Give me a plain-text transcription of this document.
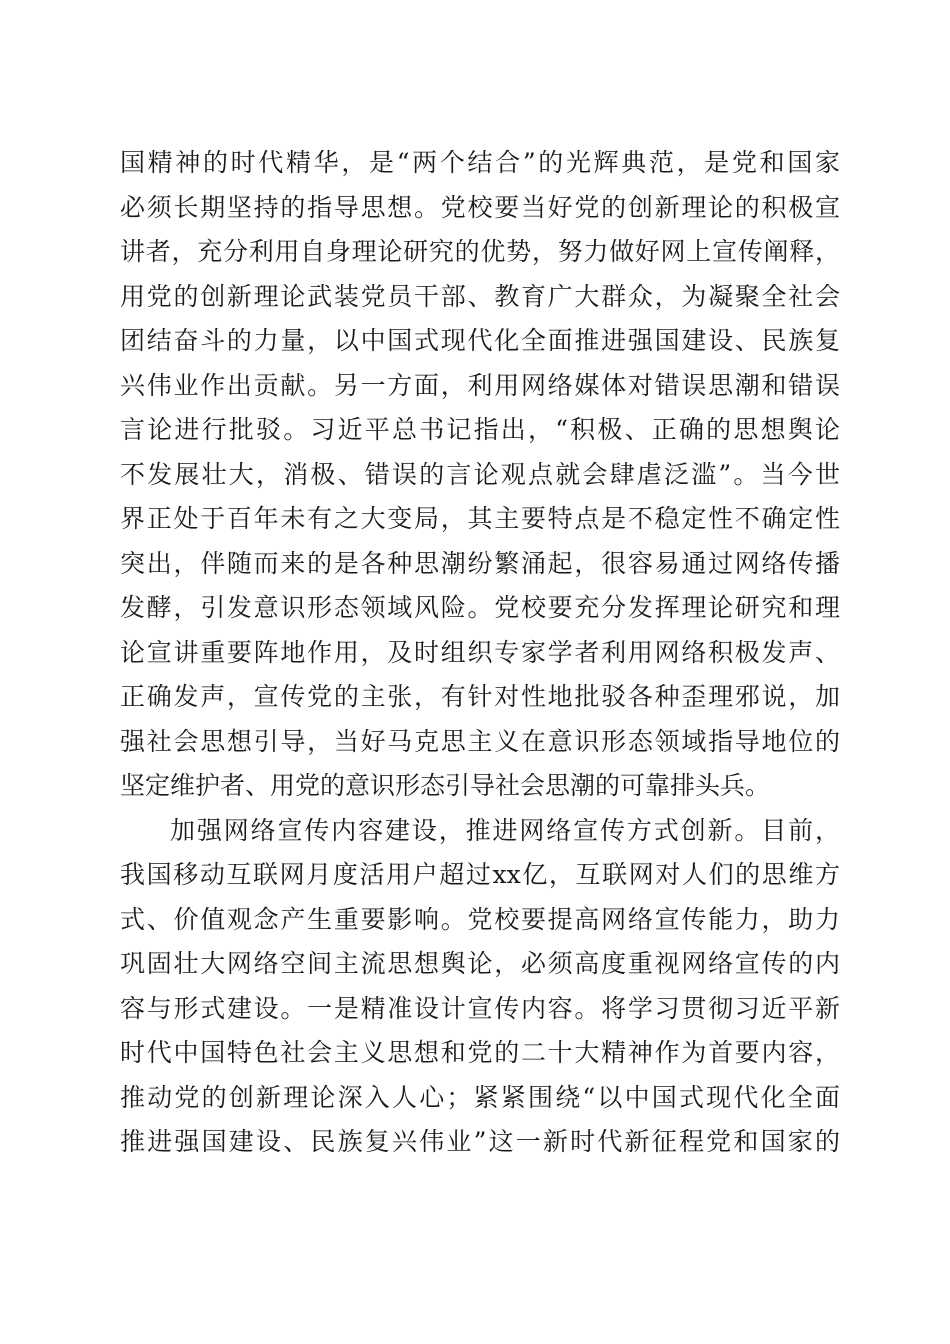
国精神的时代精华，是“两个结合”的光辉典范，是党和国家
必须长期坚持的指导思想。党校要当好党的创新理论的积极宣
讲者，充分利用自身理论研究的优势，努力做好网上宣传阐释，
用党的创新理论武装党员干部、教育广大群众，为凝聚全社会
团结奋斗的力量，以中国式现代化全面推进强国建设、民族复
兴伟业作出贡献。另一方面，利用网络媒体对错误思潮和错误
言论进行批驳。习近平总书记指出，“积极、正确的思想舆论
不发展壮大，消极、错误的言论观点就会肆虐泛滥”。当今世
界正处于百年未有之大变局，其主要特点是不稳定性不确定性
突出，伴随而来的是各种思潮纷繁涌起，很容易通过网络传播
发酵，引发意识形态领域风险。党校要充分发挥理论研究和理
论宣讲重要阵地作用，及时组织专家学者利用网络积极发声、
正确发声，宣传党的主张，有针对性地批驳各种歪理邪说，加
强社会思想引导，当好马克思主义在意识形态领域指导地位的
坚定维护者、用党的意识形态引导社会思潮的可靠排头兵。
加强网络宣传内容建设，推进网络宣传方式创新。目前，
我国移动互联网月度活用户超过xx亿，互联网对人们的思维方
式、价值观念产生重要影响。党校要提高网络宣传能力，助力
巩固壮大网络空间主流思想舆论，必须高度重视网络宣传的内
容与形式建设。一是精准设计宣传内容。将学习贯彻习近平新
时代中国特色社会主义思想和党的二十大精神作为首要内容，
推动党的创新理论深入人心；紧紧围绕“以中国式现代化全面
推进强国建设、民族复兴伟业”这一新时代新征程党和国家的
